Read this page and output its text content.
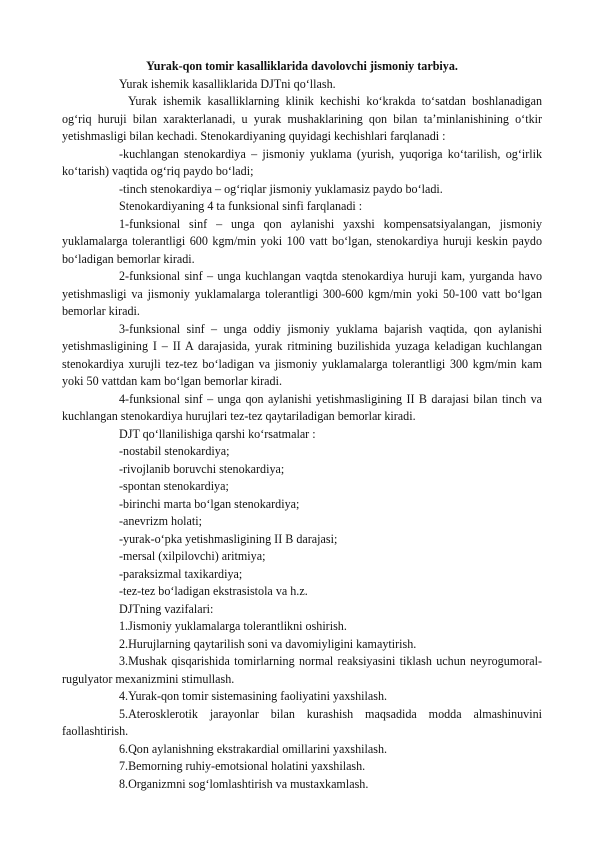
Yurak-qon tomir kasalliklarida davolovchi jismoniy tarbiya.

Yurak ishemik kasalliklarida DJTni qo‘llash.

Yurak ishemik kasalliklarning klinik kechishi ko‘krakda to‘satdan boshlanadigan og‘riq huruji bilan xarakterlanadi, u yurak mushaklarining qon bilan ta’minlanishining o‘tkir yetishmasligi bilan kechadi. Stenokardiyaning quyidagi kechishlari farqlanadi :

-kuchlangan stenokardiya – jismoniy yuklama (yurish, yuqoriga ko‘tarilish, og‘irlik ko‘tarish) vaqtida og‘riq paydo bo‘ladi;

-tinch stenokardiya – og‘riqlar jismoniy yuklamasiz paydo bo‘ladi.

Stenokardiyaning 4 ta funksional sinfi farqlanadi :

1-funksional sinf – unga qon aylanishi yaxshi kompensatsiyalangan, jismoniy yuklamalarga tolerantligi 600 kgm/min yoki 100 vatt bo‘lgan, stenokardiya huruji keskin paydo bo‘ladigan bemorlar kiradi.

2-funksional sinf – unga kuchlangan vaqtda stenokardiya huruji kam, yurganda havo yetishmasligi va jismoniy yuklamalarga tolerantligi 300-600 kgm/min yoki 50-100 vatt bo‘lgan bemorlar kiradi.

3-funksional sinf – unga oddiy jismoniy yuklama bajarish vaqtida, qon aylanishi yetishmasligining I – II A darajasida, yurak ritmining buzilishida yuzaga keladigan kuchlangan stenokardiya xurujli tez-tez bo‘ladigan va jismoniy yuklamalarga tolerantligi 300 kgm/min kam yoki 50 vattdan kam bo‘lgan bemorlar kiradi.

4-funksional sinf – unga qon aylanishi yetishmasligining II B darajasi bilan tinch va kuchlangan stenokardiya hurujlari tez-tez qaytariladigan bemorlar kiradi.

DJT qo‘llanilishiga qarshi ko‘rsatmalar :

-nostabil stenokardiya;

-rivojlanib boruvchi stenokardiya;

-spontan stenokardiya;

-birinchi marta bo‘lgan stenokardiya;

-anevrizm holati;

-yurak-o‘pka yetishmasligining II B darajasi;

-mersal (xilpilovchi) aritmiya;

-paraksizmal taxikardiya;

-tez-tez bo‘ladigan ekstrasistola va h.z.

DJTning vazifalari:

1.Jismoniy yuklamalarga tolerantlikni oshirish.

2.Hurujlarning qaytarilish soni va davomiyligini kamaytirish.

3.Mushak qisqarishida tomirlarning normal reaksiyasini tiklash uchun neyrogumoral-rugulyator mexanizmini stimullash.

4.Yurak-qon tomir sistemasining faoliyatini yaxshilash.

5.Aterosklerotik jarayonlar bilan kurashish maqsadida modda almashinuvini faollashtirish.

6.Qon aylanishning ekstrakardial omillarini yaxshilash.

7.Bemorning ruhiy-emotsional holatini yaxshilash.

8.Organizmni sog‘lomlashtirish va mustaxkamlash.
